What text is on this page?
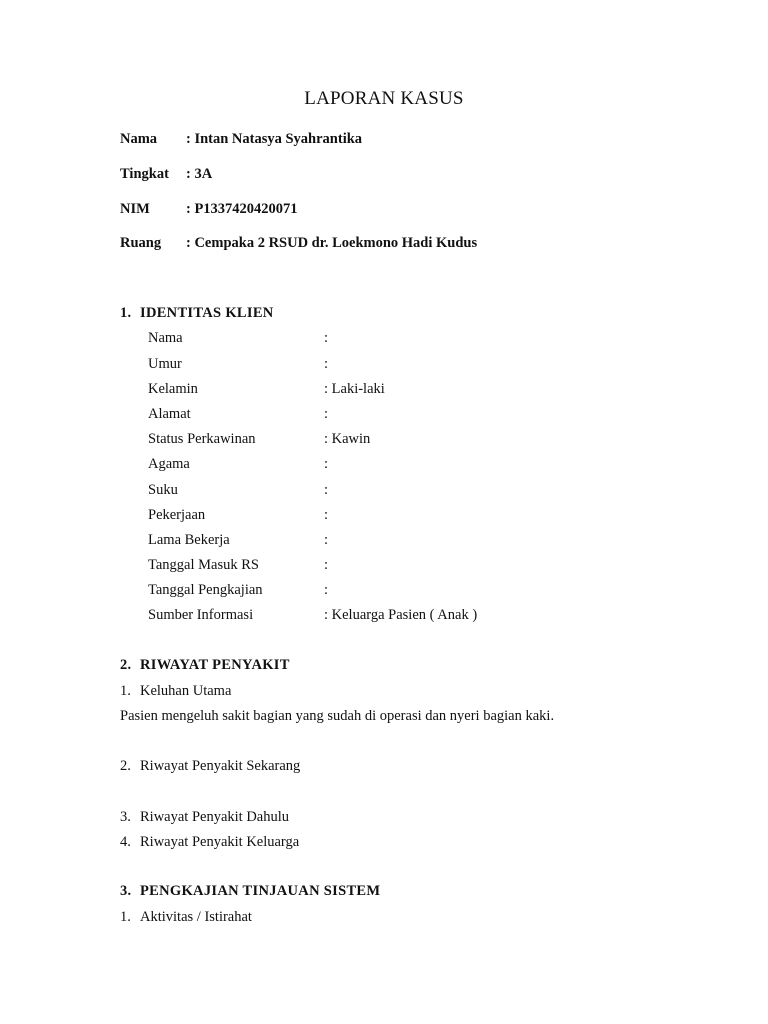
LAPORAN KASUS
Nama	: Intan Natasya Syahrantika
Tingkat	: 3A
NIM	: P1337420420071
Ruang	: Cempaka 2 RSUD dr. Loekmono Hadi Kudus
1. IDENTITAS KLIEN
Nama	:
Umur	:
Kelamin	: Laki-laki
Alamat	:
Status Perkawinan	: Kawin
Agama	:
Suku	:
Pekerjaan	:
Lama Bekerja	:
Tanggal Masuk RS	:
Tanggal Pengkajian	:
Sumber Informasi	: Keluarga Pasien ( Anak )
2. RIWAYAT PENYAKIT
1. Keluhan Utama
Pasien mengeluh sakit bagian yang sudah di operasi dan nyeri bagian kaki.
2. Riwayat Penyakit Sekarang
3. Riwayat Penyakit Dahulu
4. Riwayat Penyakit Keluarga
3. PENGKAJIAN TINJAUAN SISTEM
1. Aktivitas / Istirahat
